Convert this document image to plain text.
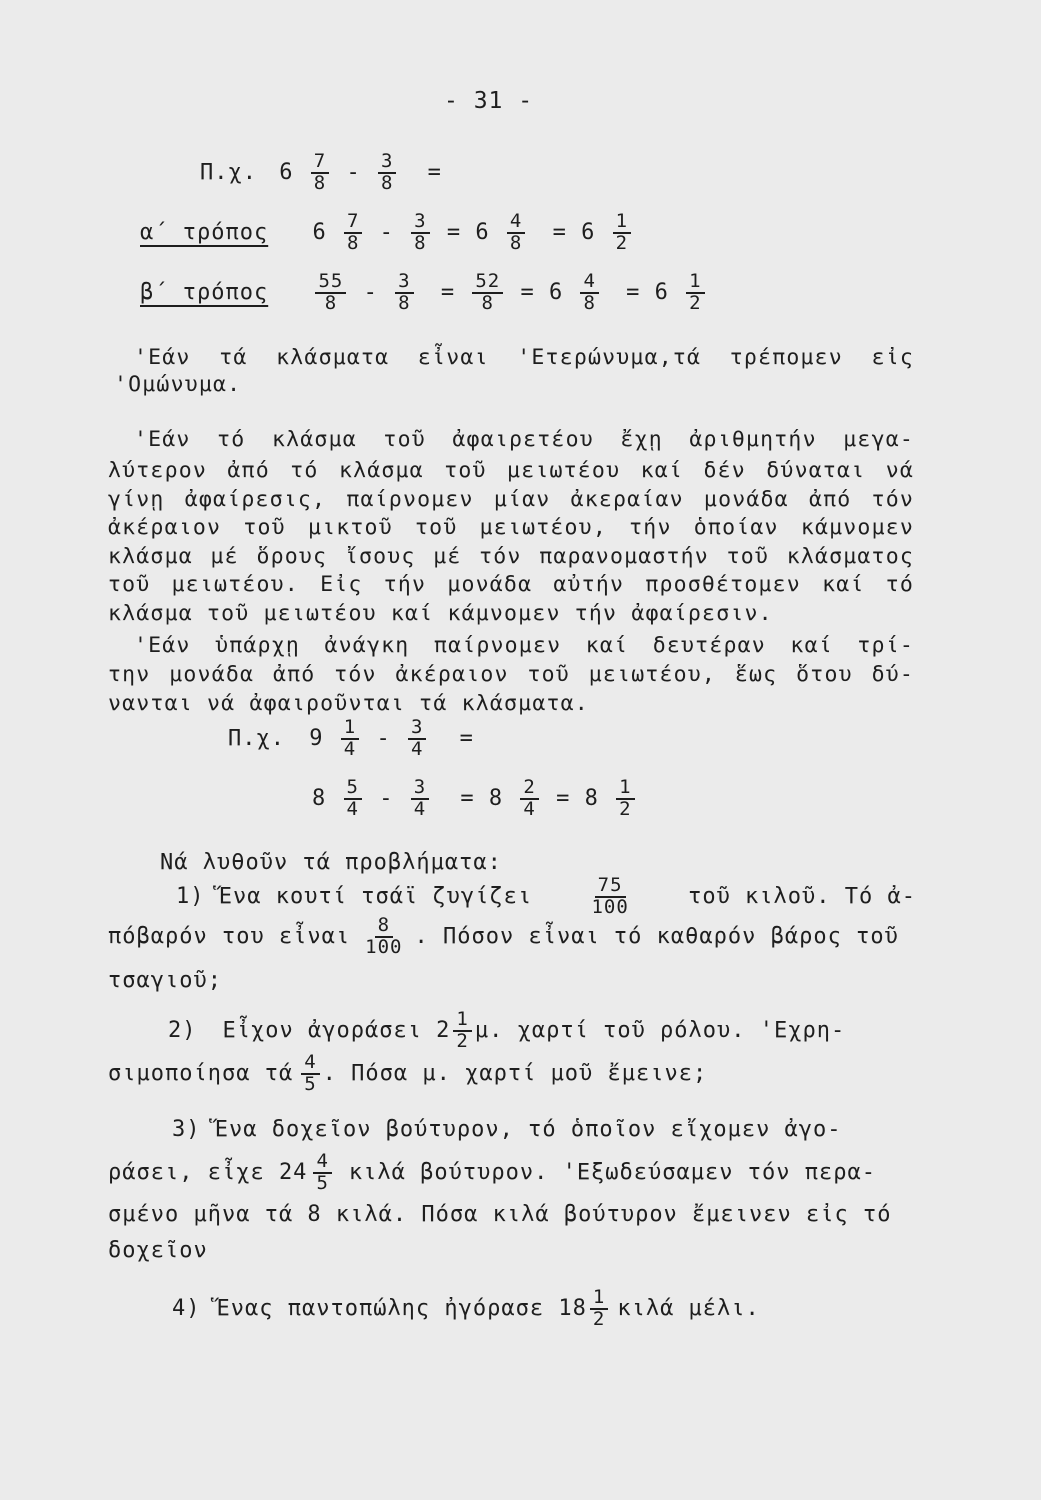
- 31 -
Π.χ. $6 \frac{7}{8} - \frac{3}{8}$ =
α΄ τρόπος $6 \frac{7}{8} - \frac{3}{8} = 6 \frac{4}{8} = 6 \frac{1}{2}$
β΄ τρόπος $\frac{55}{8} - \frac{3}{8} = \frac{52}{8} = 6 \frac{4}{8} = 6 \frac{1}{2}$
'Εάν τά κλάσματα εἶναι 'Ετερώνυμα,τά τρέπομεν εἰς
'Ομώνυμα.
'Εάν τό κλάσμα τοῦ ἀφαιρετέου ἔχῃ ἀριθμητήν μεγα-
λύτερον ἀπό τό κλάσμα τοῦ μειωτέου καί δέν δύναται νά
γίνῃ ἀφαίρεσις, παίρνομεν μίαν ἀκεραίαν μονάδα ἀπό τόν
ἀκέραιον τοῦ μικτοῦ τοῦ μειωτέου, τήν ὁποίαν κάμνομεν
κλάσμα μέ ὅρους ἴσους μέ τόν παρανομαστήν τοῦ κλάσματος
τοῦ μειωτέου. Εἰς τήν μονάδα αὐτήν προσθέτομεν καί τό
κλάσμα τοῦ μειωτέου καί κάμνομεν τήν ἀφαίρεσιν.
'Εάν ὑπάρχῃ ἀνάγκη παίρνομεν καί δευτέραν καί τρί-
την μονάδα ἀπό τόν ἀκέραιον τοῦ μειωτέου, ἕως ὅτου δύ-
νανται νά ἀφαιροῦνται τά κλάσματα.
Π.χ. $9 \frac{1}{4} - \frac{3}{4}$ =
$8 \frac{5}{4} - \frac{3}{4} = 8 \frac{2}{4} = 8 \frac{1}{2}$
Νά λυθοῦν τά προβλήματα:
1) Ἕνα κουτί τσάϊ ζυγίζει	$\frac{75}{100}$	τοῦ κιλοῦ. Τό ἀ-
πόβαρόν του εἶναι $\frac{8}{100}$ . Πόσον εἶναι τό καθαρόν βάρος τοῦ
τσαγιοῦ;
2) Εἶχον ἀγοράσει $2 \frac{1}{2} \mu$. χαρτί τοῦ ρόλου. 'Εχρη-
σιμοποίησα τά $\frac{4}{5}$ . Πόσα μ. χαρτί μοῦ ἔμεινε;
3) Ἕνα δοχεῖον βούτυρον, τό ὁποῖον εἴχομεν ἀγο-
ράσει, εἶχε $24 \frac{4}{5}$ κιλά βούτυρον. 'Εξωδεύσαμεν τόν περα-
σμένο μῆνα τά 8 κιλά. Πόσα κιλά βούτυρον ἔμεινεν εἰς τό
δοχεῖον
4) Ἕνας παντοπώλης ἠγόρασε $18 \frac{1}{2}$ κιλά μέλι.
